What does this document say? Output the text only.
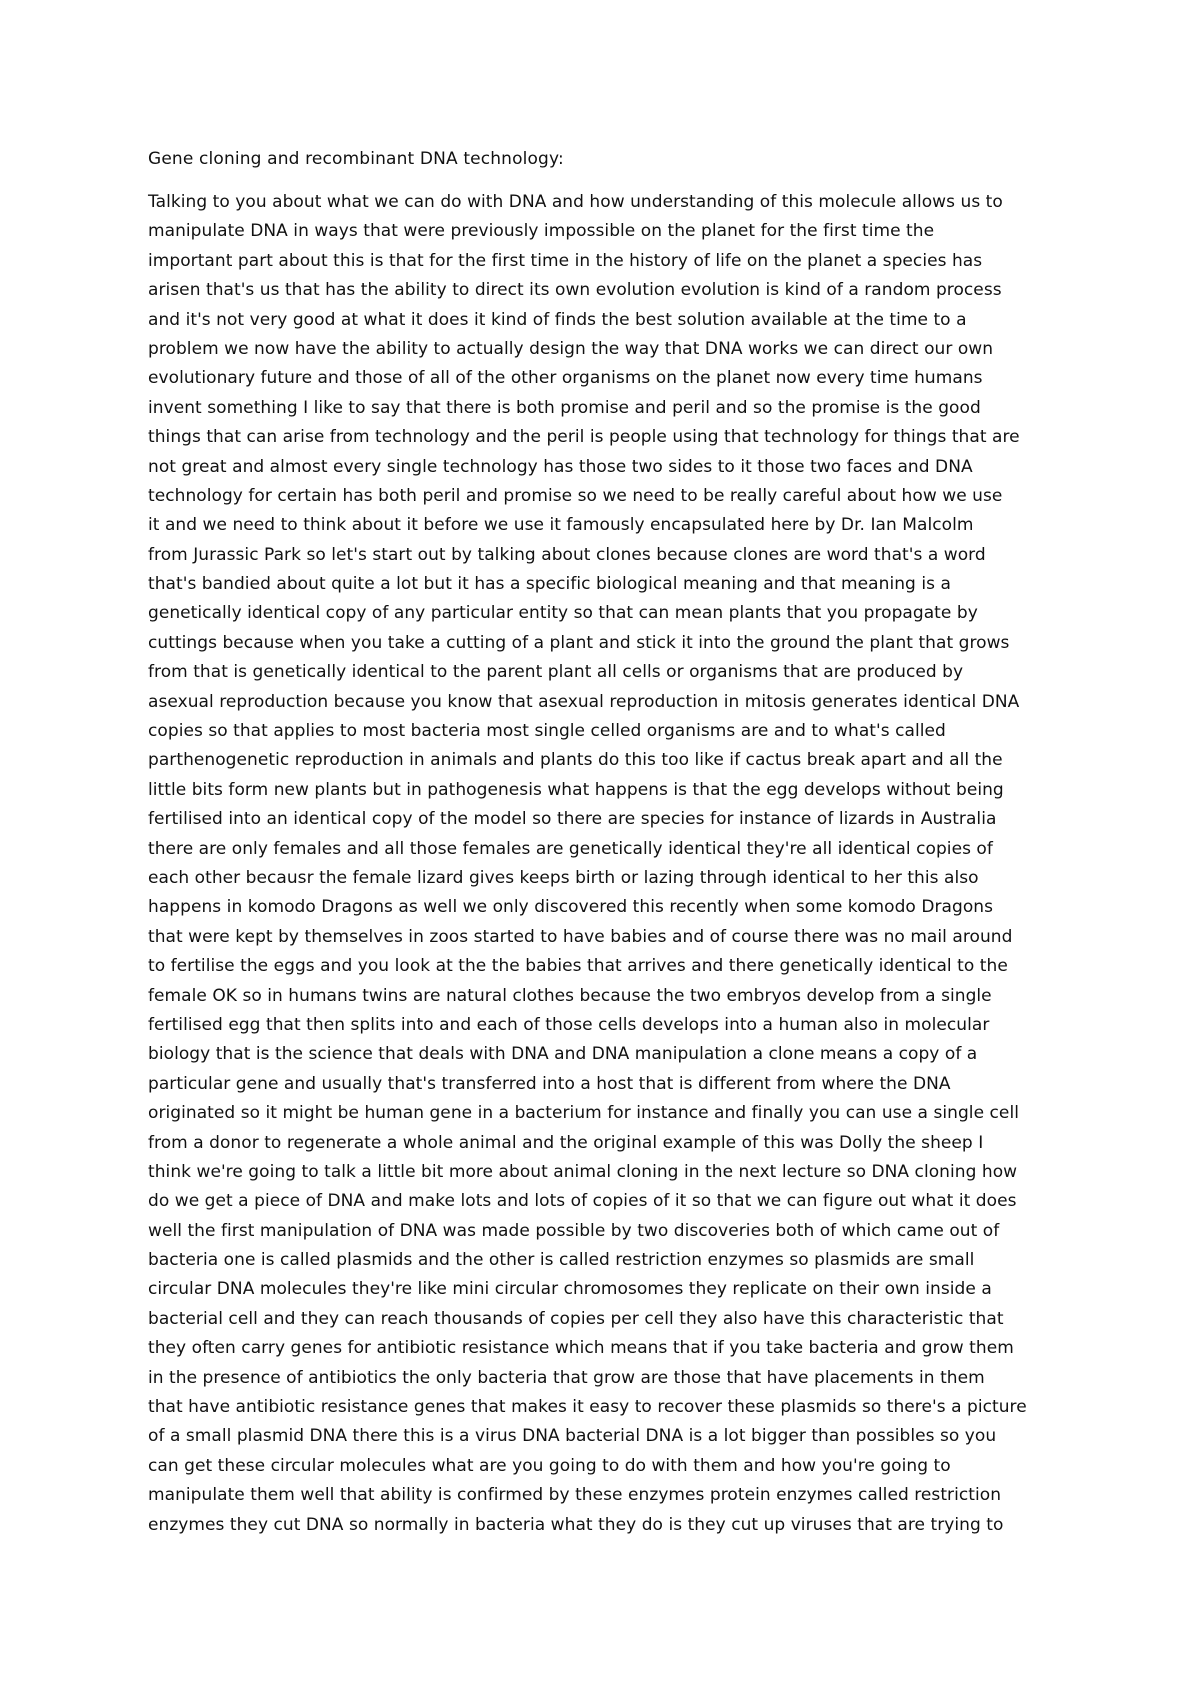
Gene cloning and recombinant DNA technology:
Talking to you about what we can do with DNA and how understanding of this molecule allows us to
manipulate DNA in ways that were previously impossible on the planet for the first time the
important part about this is that for the first time in the history of life on the planet a species has
arisen that's us that has the ability to direct its own evolution evolution is kind of a random process
and it's not very good at what it does it kind of finds the best solution available at the time to a
problem we now have the ability to actually design the way that DNA works we can direct our own
evolutionary future and those of all of the other organisms on the planet now every time humans
invent something I like to say that there is both promise and peril and so the promise is the good
things that can arise from technology and the peril is people using that technology for things that are
not great and almost every single technology has those two sides to it those two faces and DNA
technology for certain has both peril and promise so we need to be really careful about how we use
it and we need to think about it before we use it famously encapsulated here by Dr. Ian Malcolm
from Jurassic Park so let's start out by talking about clones because clones are word that's a word
that's bandied about quite a lot but it has a specific biological meaning and that meaning is a
genetically identical copy of any particular entity so that can mean plants that you propagate by
cuttings because when you take a cutting of a plant and stick it into the ground the plant that grows
from that is genetically identical to the parent plant all cells or organisms that are produced by
asexual reproduction because you know that asexual reproduction in mitosis generates identical DNA
copies so that applies to most bacteria most single celled organisms are and to what's called
parthenogenetic reproduction in animals and plants do this too like if cactus break apart and all the
little bits form new plants but in pathogenesis what happens is that the egg develops without being
fertilised into an identical copy of the model so there are species for instance of lizards in Australia
there are only females and all those females are genetically identical they're all identical copies of
each other becausr the female lizard gives keeps birth or lazing through identical to her this also
happens in komodo Dragons as well we only discovered this recently when some komodo Dragons
that were kept by themselves in zoos started to have babies and of course there was no mail around
to fertilise the eggs and you look at the the babies that arrives and there genetically identical to the
female OK so in humans twins are natural clothes because the two embryos develop from a single
fertilised egg that then splits into and each of those cells develops into a human also in molecular
biology that is the science that deals with DNA and DNA manipulation a clone means a copy of a
particular gene and usually that's transferred into a host that is different from where the DNA
originated so it might be human gene in a bacterium for instance and finally you can use a single cell
from a donor to regenerate a whole animal and the original example of this was Dolly the sheep I
think we're going to talk a little bit more about animal cloning in the next lecture so DNA cloning how
do we get a piece of DNA and make lots and lots of copies of it so that we can figure out what it does
well the first manipulation of DNA was made possible by two discoveries both of which came out of
bacteria one is called plasmids and the other is called restriction enzymes so plasmids are small
circular DNA molecules they're like mini circular chromosomes they replicate on their own inside a
bacterial cell and they can reach thousands of copies per cell they also have this characteristic that
they often carry genes for antibiotic resistance which means that if you take bacteria and grow them
in the presence of antibiotics the only bacteria that grow are those that have placements in them
that have antibiotic resistance genes that makes it easy to recover these plasmids so there's a picture
of a small plasmid DNA there this is a virus DNA bacterial DNA is a lot bigger than possibles so you
can get these circular molecules what are you going to do with them and how you're going to
manipulate them well that ability is confirmed by these enzymes protein enzymes called restriction
enzymes they cut DNA so normally in bacteria what they do is they cut up viruses that are trying to
